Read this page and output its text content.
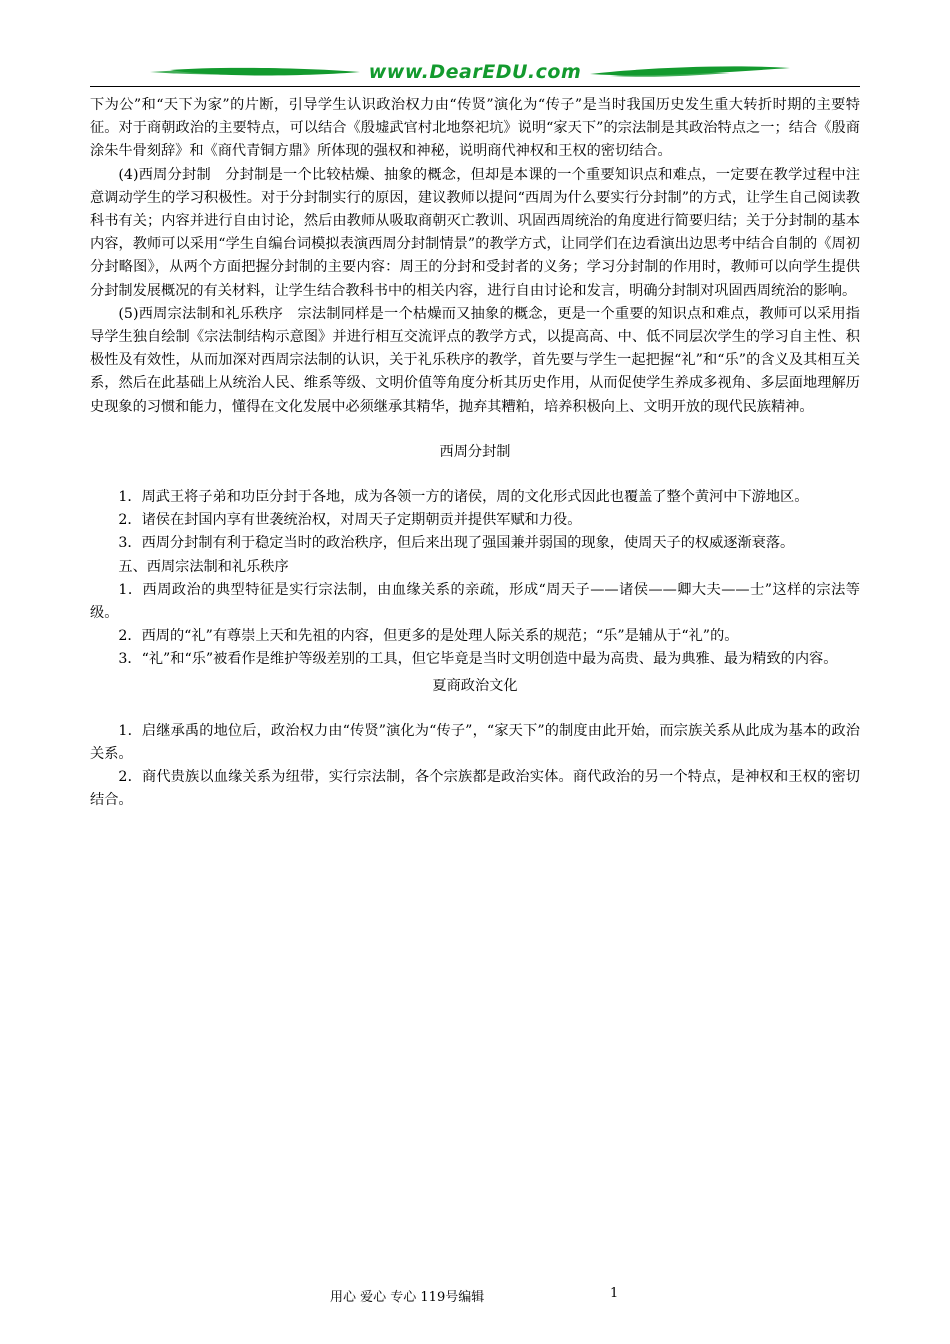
www.DearEDU.com

下为公”和“天下为家”的片断，引导学生认识政治权力由“传贤”演化为“传子”是当时我国历史发生重大转折时期的主要特征。对于商朝政治的主要特点，可以结合《殷墟武官村北地祭祀坑》说明“家天下”的宗法制是其政治特点之一；结合《殷商涂朱牛骨刻辞》和《商代青铜方鼎》所体现的强权和神秘，说明商代神权和王权的密切结合。

(4)西周分封制　分封制是一个比较枯燥、抽象的概念，但却是本课的一个重要知识点和难点，一定要在教学过程中注意调动学生的学习积极性。对于分封制实行的原因，建议教师以提问“西周为什么要实行分封制”的方式，让学生自己阅读教科书有关；内容并进行自由讨论，然后由教师从吸取商朝灭亡教训、巩固西周统治的角度进行简要归结；关于分封制的基本内容，教师可以采用“学生自编台词模拟表演西周分封制情景”的教学方式，让同学们在边看演出边思考中结合自制的《周初分封略图》，从两个方面把握分封制的主要内容：周王的分封和受封者的义务；学习分封制的作用时，教师可以向学生提供分封制发展概况的有关材料，让学生结合教科书中的相关内容，进行自由讨论和发言，明确分封制对巩固西周统治的影响。

(5)西周宗法制和礼乐秩序　宗法制同样是一个枯燥而又抽象的概念，更是一个重要的知识点和难点，教师可以采用指导学生独自绘制《宗法制结构示意图》并进行相互交流评点的教学方式，以提高高、中、低不同层次学生的学习自主性、积极性及有效性，从而加深对西周宗法制的认识，关于礼乐秩序的教学，首先要与学生一起把握“礼”和“乐”的含义及其相互关系，然后在此基础上从统治人民、维系等级、文明价值等角度分析其历史作用，从而促使学生养成多视角、多层面地理解历史现象的习惯和能力，懂得在文化发展中必须继承其精华，抛弃其糟粕，培养积极向上、文明开放的现代民族精神。

西周分封制

1．周武王将子弟和功臣分封于各地，成为各领一方的诸侯，周的文化形式因此也覆盖了整个黄河中下游地区。

2．诸侯在封国内享有世袭统治权，对周天子定期朝贡并提供军赋和力役。

3．西周分封制有利于稳定当时的政治秩序，但后来出现了强国兼并弱国的现象，使周天子的权威逐渐衰落。

五、西周宗法制和礼乐秩序

1．西周政治的典型特征是实行宗法制，由血缘关系的亲疏，形成“周天子——诸侯——卿大夫——士”这样的宗法等级。

2．西周的“礼”有尊崇上天和先祖的内容，但更多的是处理人际关系的规范；“乐”是辅从于“礼”的。

3．“礼”和“乐”被看作是维护等级差别的工具，但它毕竟是当时文明创造中最为高贵、最为典雅、最为精致的内容。

夏商政治文化

1．启继承禹的地位后，政治权力由“传贤”演化为“传子”，“家天下”的制度由此开始，而宗族关系从此成为基本的政治关系。

2．商代贵族以血缘关系为纽带，实行宗法制，各个宗族都是政治实体。商代政治的另一个特点，是神权和王权的密切结合。

用心 爱心 专心 119号编辑	1
